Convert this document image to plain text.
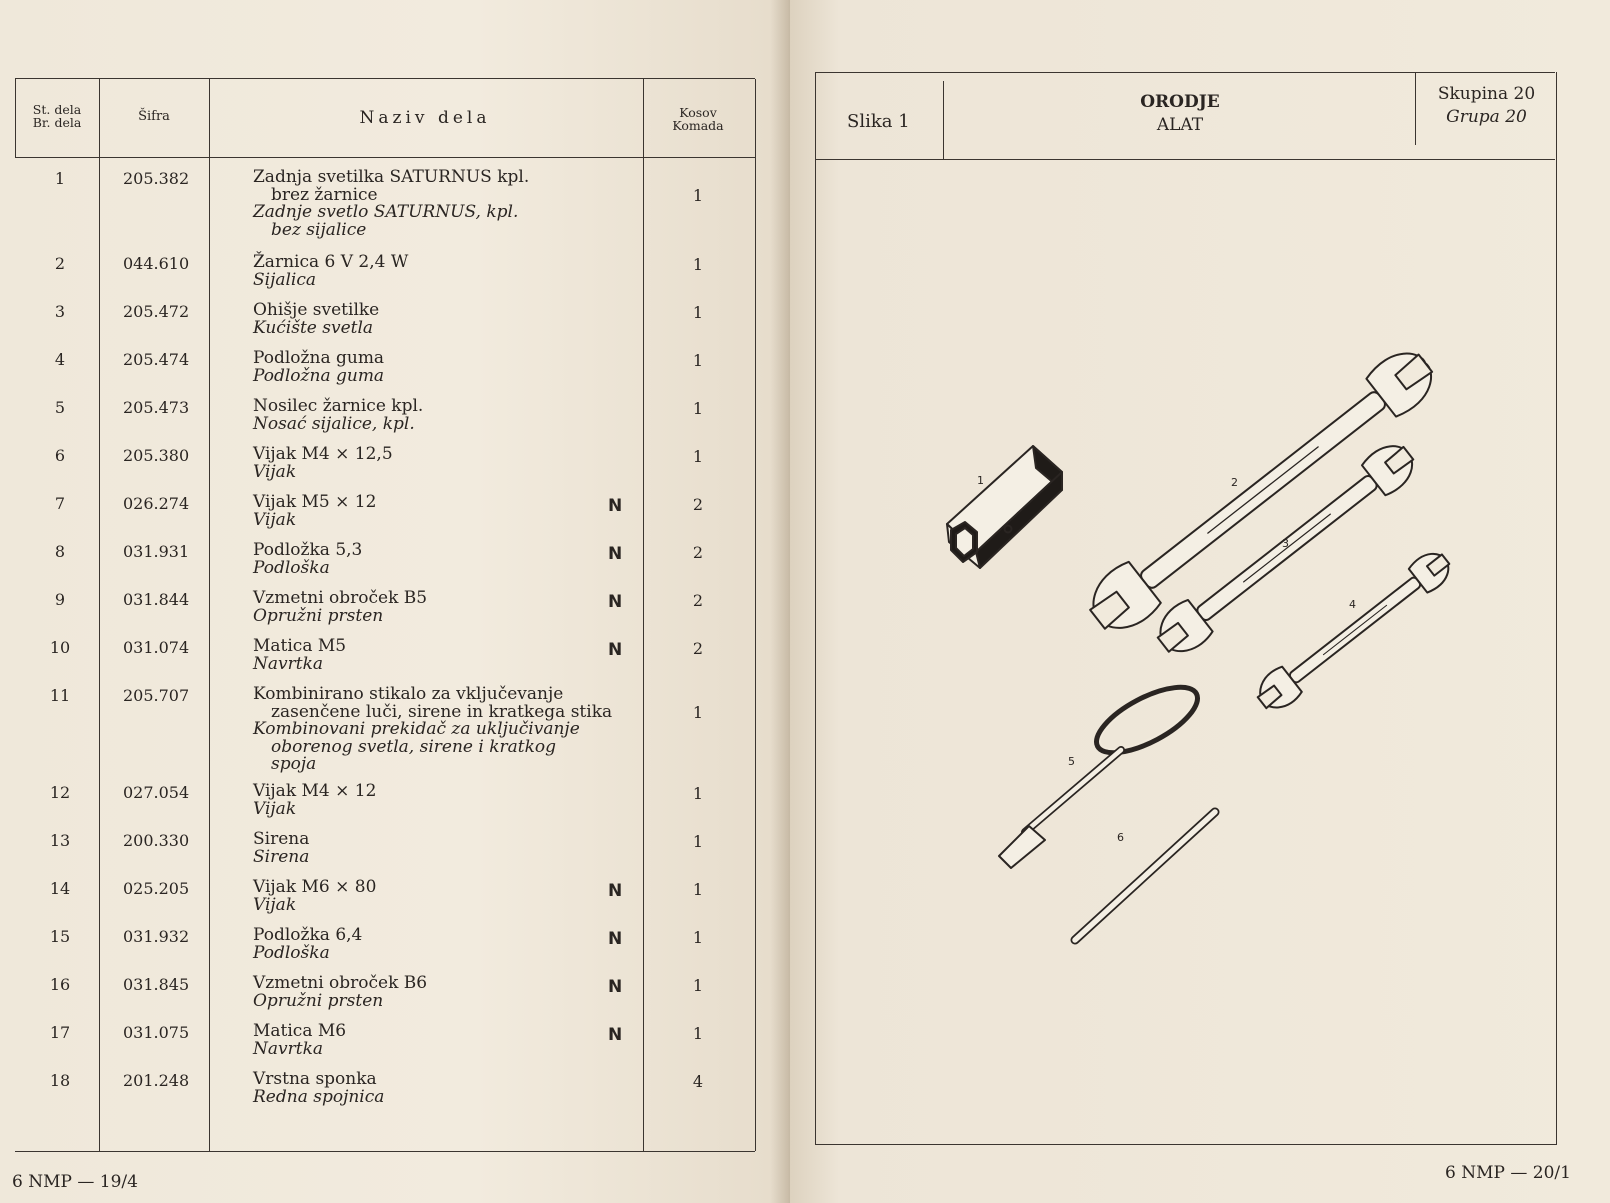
St. dela
Br. dela	Šifra	Naziv dela	Kosov
Komada
1	205.382	Zadnja svetilka SATURNUS kpl.
brez žarnice
Zadnje svetlo SATURNUS, kpl.
bez sijalice
1
2	044.610	Žarnica 6 V 2,4 W
Sijalica
1
3	205.472	Ohišje svetilke
Kućište svetla
1
4	205.474	Podložna guma
Podložna guma
1
5	205.473	Nosilec žarnice kpl.
Nosać sijalice, kpl.
1
6	205.380	Vijak M4 × 12,5
Vijak
1
7	026.274	Vijak M5 × 12
Vijak
N	2
8	031.931	Podložka 5,3
Podloška
N	2
9	031.844	Vzmetni obroček B5
Opružni prsten
N	2
10	031.074	Matica M5
Navrtka
N	2
11	205.707	Kombinirano stikalo za vključevanje
zasenčene luči, sirene in kratkega stika
Kombinovani prekidač za uključivanje
oborenog svetla, sirene i kratkog
spoja
1
12	027.054	Vijak M4 × 12
Vijak
1
13	200.330	Sirena
Sirena
1
14	025.205	Vijak M6 × 80
Vijak
N	1
15	031.932	Podložka 6,4
Podloška
N	1
16	031.845	Vzmetni obroček B6
Opružni prsten
N	1
17	031.075	Matica M6
Navrtka
N	1
18	201.248	Vrstna sponka
Redna spojnica
4
6 NMP — 19/4
Slika 1
ORODJE
ALAT
Skupina 20
Grupa 20
1	2
3
4
5
6
6 NMP — 20/1
